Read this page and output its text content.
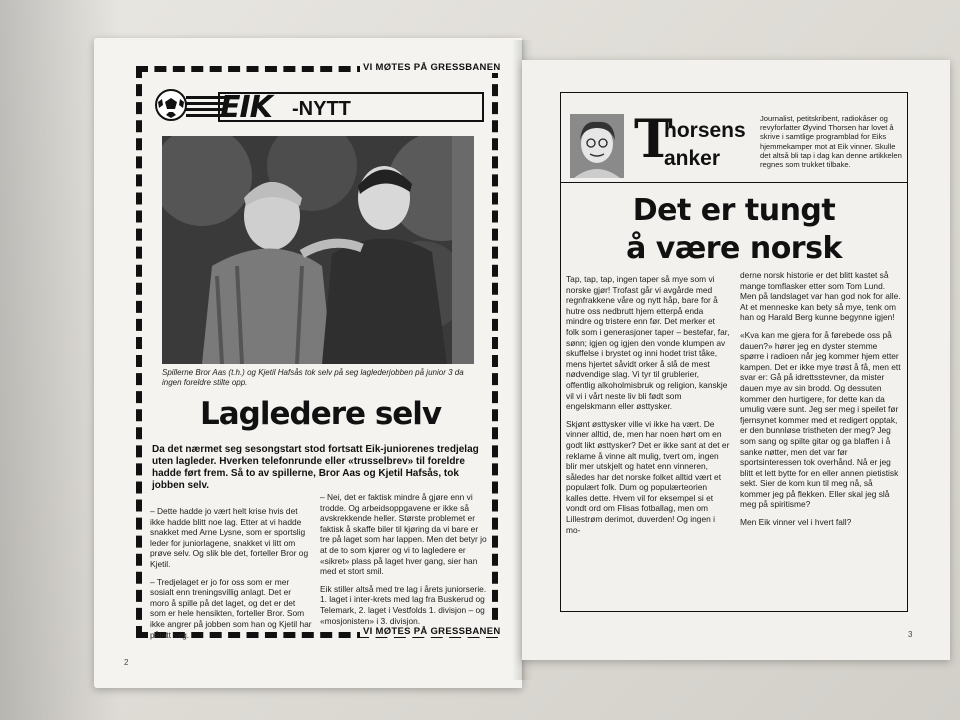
VI MØTES PÅ GRESSBANEN
VI MØTES PÅ GRESSBANEN
EIK -NYTT
Spillerne Bror Aas (t.h.) og Kjetil Hafsås tok selv på seg laglederjobben på junior 3 da ingen foreldre stilte opp.
Lagledere selv
Da det nærmet seg sesongstart stod fortsatt Eik-juniorenes tredjelag uten lagleder. Hverken telefonrunde eller «trusselbrev» til foreldre hadde ført frem. Så to av spillerne, Bror Aas og Kjetil Hafsås, tok jobben selv.

– Dette hadde jo vært helt krise hvis det ikke hadde blitt noe lag. Etter at vi hadde snakket med Arne Lysne, som er sportslig leder for juniorlagene, snakket vi litt om prøve selv. Og slik ble det, forteller Bror og Kjetil.

– Tredjelaget er jo for oss som er mer sosialt enn treningsvillig anlagt. Det er moro å spille på det laget, og det er det som er hele hensikten, forteller Bror. Som ikke angrer på jobben som han og Kjetil har påtatt seg.

– Nei, det er faktisk mindre å gjøre enn vi trodde. Og arbeidsoppgavene er ikke så avskrekkende heller. Største problemet er faktisk å skaffe biler til kjøring da vi bare er tre på laget som har lappen. Men det betyr jo at de to som kjører og vi to lagledere er «sikret» plass på laget hver gang, sier han med et stort smil.

Eik stiller altså med tre lag i årets juniorserie. 1. laget i inter-krets med lag fra Buskerud og Telemark, 2. laget i Vestfolds 1. divisjon – og «mosjonisten» i 3. divisjon.

2
T
horsens
anker
Journalist, petitskribent, radiokåser og revyforfatter Øyvind Thorsen har lovet å skrive i samtlige programblad for Eiks hjemmekamper mot at Eik vinner. Skulle det altså bli tap i dag kan denne artikkelen regnes som trukket tilbake.
Det er tungt
å være norsk

Tap, tap, tap, ingen taper så mye som vi norske gjør! Trofast går vi avgårde med regnfrakkene våre og nytt håp, bare for å hutre oss nedbrutt hjem etterpå enda mindre og tristere enn før. Det merker et folk som i generasjoner taper – bestefar, far, sønn; igjen og igjen den vonde klumpen av skuffelse i brystet og inni hodet trist tåke, mens hjertet såvidt orker å slå de mest nødvendige slag. Vi tyr til grublerier, offentlig alkoholmisbruk og religion, kanskje vil vi i vårt neste liv bli født som engelskmann eller østtysker.

Skjønt østtysker ville vi ikke ha vært. De vinner alltid, de, men har noen hørt om en godt likt østtysker? Det er ikke sant at det er reklame å vinne alt mulig, tvert om, ingen blir mer utskjelt og hatet enn vinneren, således har det norske folket alltid vært et populært folk. Dum og populærteorien kalles dette. Hvem vil for eksempel si et vondt ord om Flisas fotballag, men om Lillestrøm derimot, duverden! Og ingen i mo-

derne norsk historie er det blitt kastet så mange tomflasker etter som Tom Lund. Men på landslaget var han god nok for alle. At et menneske kan bety så mye, tenk om han og Harald Berg kunne begynne igjen!

«Kva kan me gjera for å førebede oss på dauen?» hører jeg en dyster stemme spørre i radioen når jeg kommer hjem etter kampen. Det er ikke mye trøst å få, men ett svar er: Gå på idrettsstevner, da mister dauen mye av sin brodd. Og dessuten kommer den hurtigere, for dette kan da umulig være sunt. Jeg ser meg i speilet før fjernsynet kommer med et redigert opptak, er den bunnløse tristheten der meg? Jeg som sang og spilte gitar og ga blaffen i å sanke nøtter, men det var før sportsinteressen tok overhånd. Nå er jeg blitt et lett bytte for en eller annen pietistisk sekt. Sier de kom kun til meg nå, så kommer jeg på flekken. Eller skal jeg slå meg på spiritisme?

Men Eik vinner vel i hvert fall?

3
